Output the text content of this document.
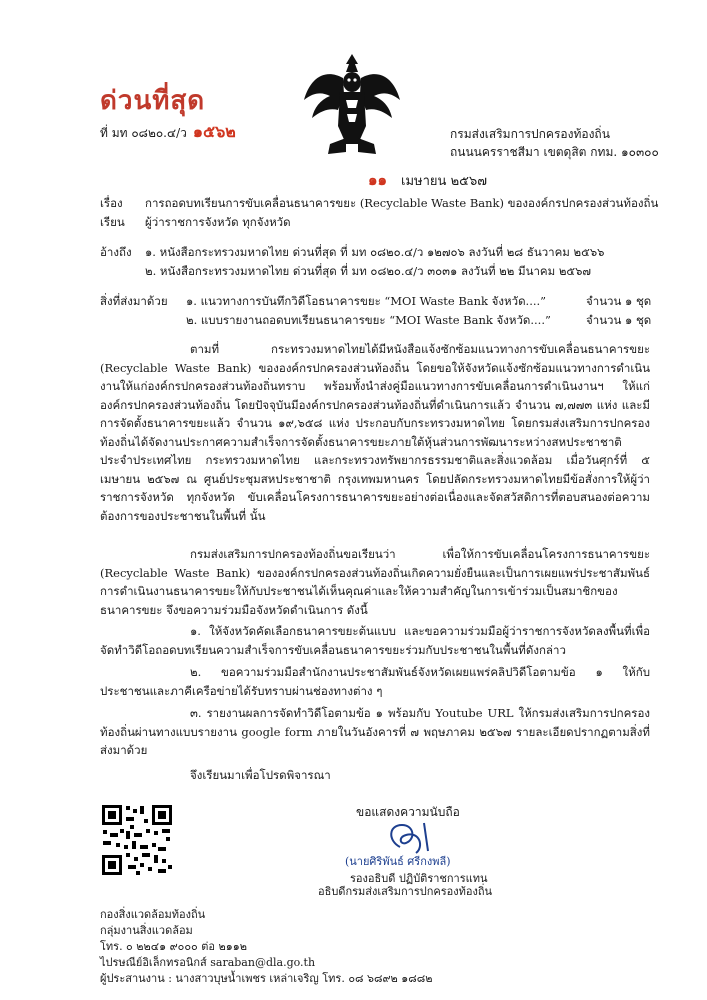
ด่วนที่สุด
ที่ มท ๐๘๒๐.๔/ว ๑๕๖๒	กรมส่งเสริมการปกครองท้องถิ่น
ถนนนครราชสีมา เขตดุสิต กทม. ๑๐๓๐๐
๑๑ เมษายน ๒๕๖๗
เรื่อง การถอดบทเรียนการขับเคลื่อนธนาคารขยะ (Recyclable Waste Bank) ขององค์กรปกครองส่วนท้องถิ่น
เรียน ผู้ว่าราชการจังหวัด ทุกจังหวัด
อ้างถึง ๑. หนังสือกระทรวงมหาดไทย ด่วนที่สุด ที่ มท ๐๘๒๐.๔/ว ๑๒๗๐๖ ลงวันที่ ๒๘ ธันวาคม ๒๕๖๖
๒. หนังสือกระทรวงมหาดไทย ด่วนที่สุด ที่ มท ๐๘๒๐.๔/ว ๓๐๓๑ ลงวันที่ ๒๒ มีนาคม ๒๕๖๗
สิ่งที่ส่งมาด้วย ๑. แนวทางการบันทึกวิดีโอธนาคารขยะ “MOI Waste Bank จังหวัด....”	จำนวน ๑ ชุด
๒. แบบรายงานถอดบทเรียนธนาคารขยะ “MOI Waste Bank จังหวัด....”	จำนวน ๑ ชุด
ตามที่ กระทรวงมหาดไทยได้มีหนังสือแจ้งซักซ้อมแนวทางการขับเคลื่อนธนาคารขยะ (Recyclable Waste Bank) ขององค์กรปกครองส่วนท้องถิ่น โดยขอให้จังหวัดแจ้งซักซ้อมแนวทางการดำเนินงานให้แก่องค์กรปกครองส่วนท้องถิ่นทราบ พร้อมทั้งนำส่งคู่มือแนวทางการขับเคลื่อนการดำเนินงานฯ ให้แก่องค์กรปกครองส่วนท้องถิ่น โดยปัจจุบันมีองค์กรปกครองส่วนท้องถิ่นที่ดำเนินการแล้ว จำนวน ๗,๗๗๓ แห่ง และมีการจัดตั้งธนาคารขยะแล้ว จำนวน ๑๙,๖๕๘ แห่ง ประกอบกับกระทรวงมหาดไทย โดยกรมส่งเสริมการปกครองท้องถิ่นได้จัดงานประกาศความสำเร็จการจัดตั้งธนาคารขยะภายใต้หุ้นส่วนการพัฒนาระหว่างสหประชาชาติ ประจำประเทศไทย กระทรวงมหาดไทย และกระทรวงทรัพยากรธรรมชาติและสิ่งแวดล้อม เมื่อวันศุกร์ที่ ๕ เมษายน ๒๕๖๗ ณ ศูนย์ประชุมสหประชาชาติ กรุงเทพมหานคร โดยปลัดกระทรวงมหาดไทยมีข้อสั่งการให้ผู้ว่าราชการจังหวัด ทุกจังหวัด ขับเคลื่อนโครงการธนาคารขยะอย่างต่อเนื่องและจัดสวัสดิการที่ตอบสนองต่อความต้องการของประชาชนในพื้นที่ นั้น
กรมส่งเสริมการปกครองท้องถิ่นขอเรียนว่า เพื่อให้การขับเคลื่อนโครงการธนาคารขยะ (Recyclable Waste Bank) ขององค์กรปกครองส่วนท้องถิ่นเกิดความยั่งยืนและเป็นการเผยแพร่ประชาสัมพันธ์การดำเนินงานธนาคารขยะให้กับประชาชนได้เห็นคุณค่าและให้ความสำคัญในการเข้าร่วมเป็นสมาชิกของธนาคารขยะ จึงขอความร่วมมือจังหวัดดำเนินการ ดังนี้
๑. ให้จังหวัดคัดเลือกธนาคารขยะต้นแบบ และขอความร่วมมือผู้ว่าราชการจังหวัดลงพื้นที่เพื่อจัดทำวิดีโอถอดบทเรียนความสำเร็จการขับเคลื่อนธนาคารขยะร่วมกับประชาชนในพื้นที่ดังกล่าว
๒. ขอความร่วมมือสำนักงานประชาสัมพันธ์จังหวัดเผยแพร่คลิปวิดีโอตามข้อ ๑ ให้กับประชาชนและภาคีเครือข่ายได้รับทราบผ่านช่องทางต่าง ๆ
๓. รายงานผลการจัดทำวิดีโอตามข้อ ๑ พร้อมกับ Youtube URL ให้กรมส่งเสริมการปกครองท้องถิ่นผ่านทางแบบรายงาน google form ภายในวันอังคารที่ ๗ พฤษภาคม ๒๕๖๗ รายละเอียดปรากฏตามสิ่งที่ส่งมาด้วย
จึงเรียนมาเพื่อโปรดพิจารณา
ขอแสดงความนับถือ
(นายศิริพันธ์ ศรีกงพลี)
รองอธิบดี ปฏิบัติราชการแทน
อธิบดีกรมส่งเสริมการปกครองท้องถิ่น
กองสิ่งแวดล้อมท้องถิ่น
กลุ่มงานสิ่งแวดล้อม
โทร. ๐ ๒๒๔๑ ๙๐๐๐ ต่อ ๒๑๑๒
ไปรษณีย์อิเล็กทรอนิกส์ saraban@dla.go.th
ผู้ประสานงาน : นางสาวบุษน้ำเพชร เหล่าเจริญ โทร. ๐๘ ๖๘๙๒ ๑๘๘๒
